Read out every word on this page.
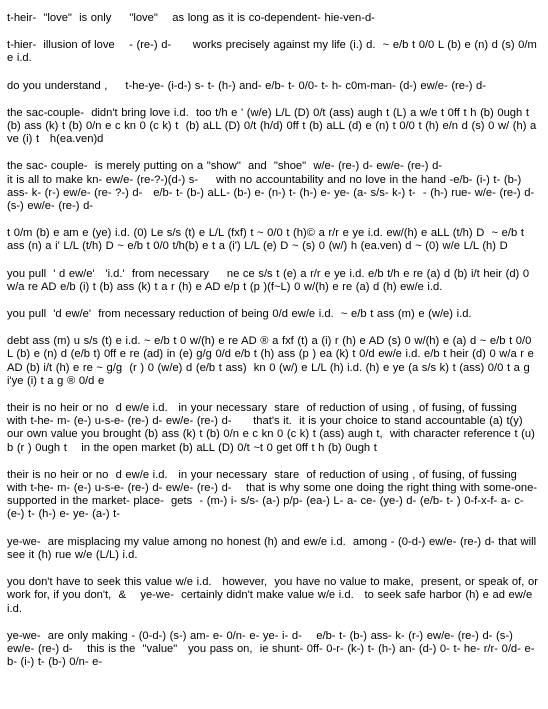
t-heir-  "love"  is only     "love"    as long as it is co-dependent- hie-ven-d-
t-hier-  illusion of love    - (re-) d-      works precisely against my life (i.) d.  ~ e/b t 0/0 L (b) e (n) d (s) 0/m e i.d.
do you understand ,     t-he-ye- (i-d-) s- t- (h-) and- e/b- t- 0/0- t- h- c0m-man- (d-) ew/e- (re-) d-
the sac-couple-  didn't bring love i.d.  too t/h e ' (w/e) L/L (D) 0/t (ass) augh t (L) a w/e t 0ff t h (b) 0ugh t (b) ass (k) t (b) 0/n e c kn 0 (c k) t  (b) aLL (D) 0/t (h/d) 0ff t (b) aLL (d) e (n) t 0/0 t (h) e/n d (s) 0 w/ (h) a ve (i) t   h(ea.ven)d
the sac- couple-  is merely putting on a "show"  and  "shoe"  w/e- (re-) d- ew/e- (re-) d-
it is all to make kn- ew/e- (re-?-)(d-) s-     with no accountability and no love in the hand -e/b- (i-) t- (b-) ass- k- (r-) ew/e- (re- ?-) d-   e/b- t- (b-) aLL- (b-) e- (n-) t- (h-) e- ye- (a- s/s- k-) t-  - (h-) rue- w/e- (re-) d-  (s-) ew/e- (re-) d-
t 0/m (b) e am e (ye) i.d. (0) Le s/s (t) e L/L (fxf) t ~ 0/0 t (h)© a r/r e ye i.d. ew/(h) e aLL (t/h) D  ~ e/b t ass (n) a i' L/L (t/h) D ~ e/b t 0/0 t/h(b) e t a (i') L/L (e) D ~ (s) 0 (w/) h (ea.ven) d ~ (0) w/e L/L (h) D
you pull  ' d ew/e'   'i.d.'  from necessary     ne ce s/s t (e) a r/r e ye i.d. e/b t/h e re (a) d (b) i/t heir (d) 0 w/a re AD e/b (i) t (b) ass (k) t a r (h) e AD e/p t (p )(f~L) 0 w/(h) e re (a) d (h) ew/e i.d.
you pull  'd ew/e'  from necessary reduction of being 0/d ew/e i.d.  ~ e/b t ass (m) e (w/e) i.d.
debt ass (m) u s/s (t) e i.d. ~ e/b t 0 w/(h) e re AD ® a fxf (t) a (i) r (h) e AD (s) 0 w/(h) e (a) d ~ e/b t 0/0 L (b) e (n) d (e/b t) 0ff e re (ad) in (e) g/g 0/d e/b t (h) ass (p ) ea (k) t 0/d ew/e i.d. e/b t heir (d) 0 w/a r e AD (b) i/t (h) e re ~ g/g  (r ) 0 (w/e) d (e/b t ass)  kn 0 (w/) e L/L (h) i.d. (h) e ye (a s/s k) t (ass) 0/0 t a g i'ye (i) t a g ® 0/d e
their is no heir or no  d ew/e i.d.   in your necessary  stare  of reduction of using , of fusing, of fussing with t-he- m- (e-) u-s-e- (re-) d- ew/e- (re-) d-      that's it.  it is your choice to stand accountable (a) t(y) our own value you brought (b) ass (k) t (b) 0/n e c kn 0 (c k) t (ass) augh t,  with character reference t (u) b (r ) 0ugh t    in the open market (b) aLL (D) 0/t ~t 0 get 0ff t h (b) 0ugh t
their is no heir or no  d ew/e i.d.   in your necessary  stare  of reduction of using , of fusing, of fussing with t-he- m- (e-) u-s-e- (re-) d- ew/e- (re-) d-    that is why some one doing the right thing with some-one-  supported in the market- place-  gets  - (m-) i- s/s- (a-) p/p- (ea-) L- a- ce- (ye-) d- (e/b- t- ) 0-f-x-f- a- c- (e-) t- (h-) e- ye- (a-) t-
ye-we-  are misplacing my value among no honest (h) and ew/e i.d.  among - (0-d-) ew/e- (re-) d- that will see it (h) rue w/e (L/L) i.d.
you don't have to seek this value w/e i.d.   however,  you have no value to make,  present, or speak of, or work for, if you don't,  &    ye-we-  certainly didn't make value w/e i.d.   to seek safe harbor (h) e ad ew/e i.d.
ye-we-  are only making - (0-d-) (s-) am- e- 0/n- e- ye- i- d-    e/b- t- (b-) ass- k- (r-) ew/e- (re-) d- (s-) ew/e- (re-) d-    this is the  "value"   you pass on,  ie shunt- 0ff- 0-r- (k-) t- (h-) an- (d-) 0- t- he- r/r- 0/d- e- b- (i-) t- (b-) 0/n- e-
